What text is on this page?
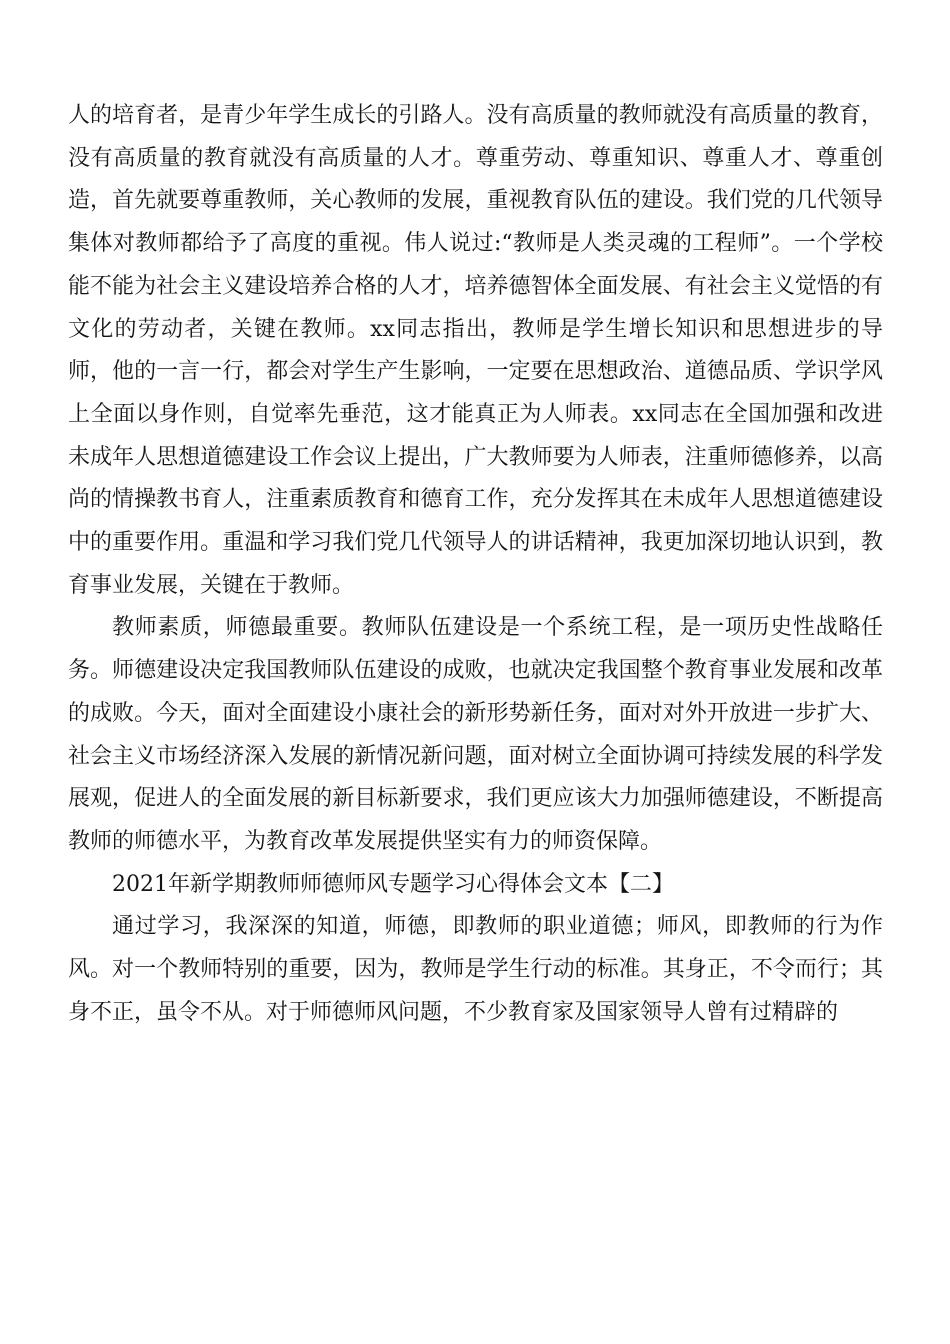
人的培育者，是青少年学生成长的引路人。没有高质量的教师就没有高质量的教育，没有高质量的教育就没有高质量的人才。尊重劳动、尊重知识、尊重人才、尊重创造，首先就要尊重教师，关心教师的发展，重视教育队伍的建设。我们党的几代领导集体对教师都给予了高度的重视。伟人说过:“教师是人类灵魂的工程师”。一个学校能不能为社会主义建设培养合格的人才，培养德智体全面发展、有社会主义觉悟的有文化的劳动者，关键在教师。xx同志指出，教师是学生增长知识和思想进步的导师，他的一言一行，都会对学生产生影响，一定要在思想政治、道德品质、学识学风上全面以身作则，自觉率先垂范，这才能真正为人师表。xx同志在全国加强和改进未成年人思想道德建设工作会议上提出，广大教师要为人师表，注重师德修养，以高尚的情操教书育人，注重素质教育和德育工作，充分发挥其在未成年人思想道德建设中的重要作用。重温和学习我们党几代领导人的讲话精神，我更加深切地认识到，教育事业发展，关键在于教师。

教师素质，师德最重要。教师队伍建设是一个系统工程，是一项历史性战略任务。师德建设决定我国教师队伍建设的成败，也就决定我国整个教育事业发展和改革的成败。今天，面对全面建设小康社会的新形势新任务，面对对外开放进一步扩大、社会主义市场经济深入发展的新情况新问题，面对树立全面协调可持续发展的科学发展观，促进人的全面发展的新目标新要求，我们更应该大力加强师德建设，不断提高教师的师德水平，为教育改革发展提供坚实有力的师资保障。

2021年新学期教师师德师风专题学习心得体会文本【二】

通过学习，我深深的知道，师德，即教师的职业道德；师风，即教师的行为作风。对一个教师特别的重要，因为，教师是学生行动的标准。其身正，不令而行；其身不正，虽令不从。对于师德师风问题，不少教育家及国家领导人曾有过精辟的
